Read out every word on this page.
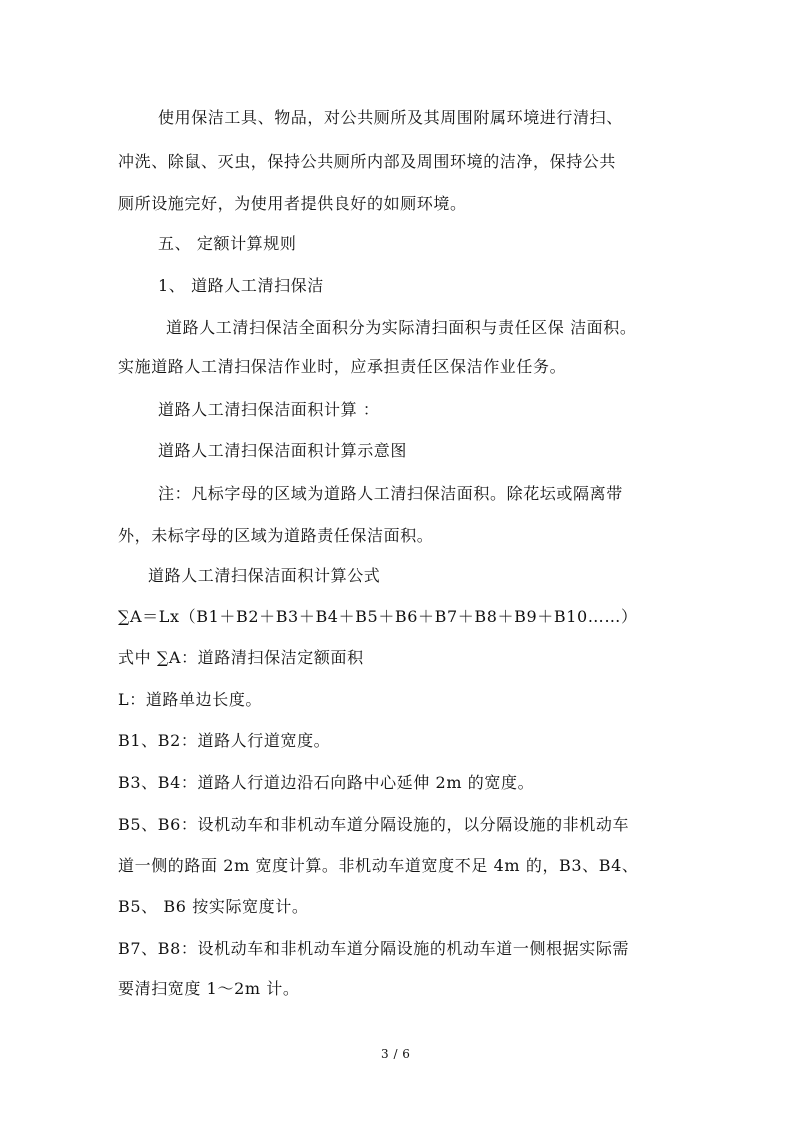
使用保洁工具、物品，对公共厕所及其周围附属环境进行清扫、
冲洗、除鼠、灭虫，保持公共厕所内部及周围环境的洁净，保持公共
厕所设施完好，为使用者提供良好的如厕环境。
五、 定额计算规则
1、 道路人工清扫保洁
道路人工清扫保洁全面积分为实际清扫面积与责任区保 洁面积。
实施道路人工清扫保洁作业时，应承担责任区保洁作业任务。
道路人工清扫保洁面积计算 ：
道路人工清扫保洁面积计算示意图
注：凡标字母的区域为道路人工清扫保洁面积。除花坛或隔离带
外，未标字母的区域为道路责任保洁面积。
道路人工清扫保洁面积计算公式
∑A＝Lx（B1＋B2＋B3＋B4＋B5＋B6＋B7＋B8＋B9＋B10……）
式中 ∑A：道路清扫保洁定额面积
L：道路单边长度。
B1、B2：道路人行道宽度。
B3、B4：道路人行道边沿石向路中心延伸 2m 的宽度。
B5、B6：设机动车和非机动车道分隔设施的，以分隔设施的非机动车
道一侧的路面 2m 宽度计算。非机动车道宽度不足 4m 的，B3、B4、
B5、 B6 按实际宽度计。
B7、B8：设机动车和非机动车道分隔设施的机动车道一侧根据实际需
要清扫宽度 1～2m 计。
3 / 6
